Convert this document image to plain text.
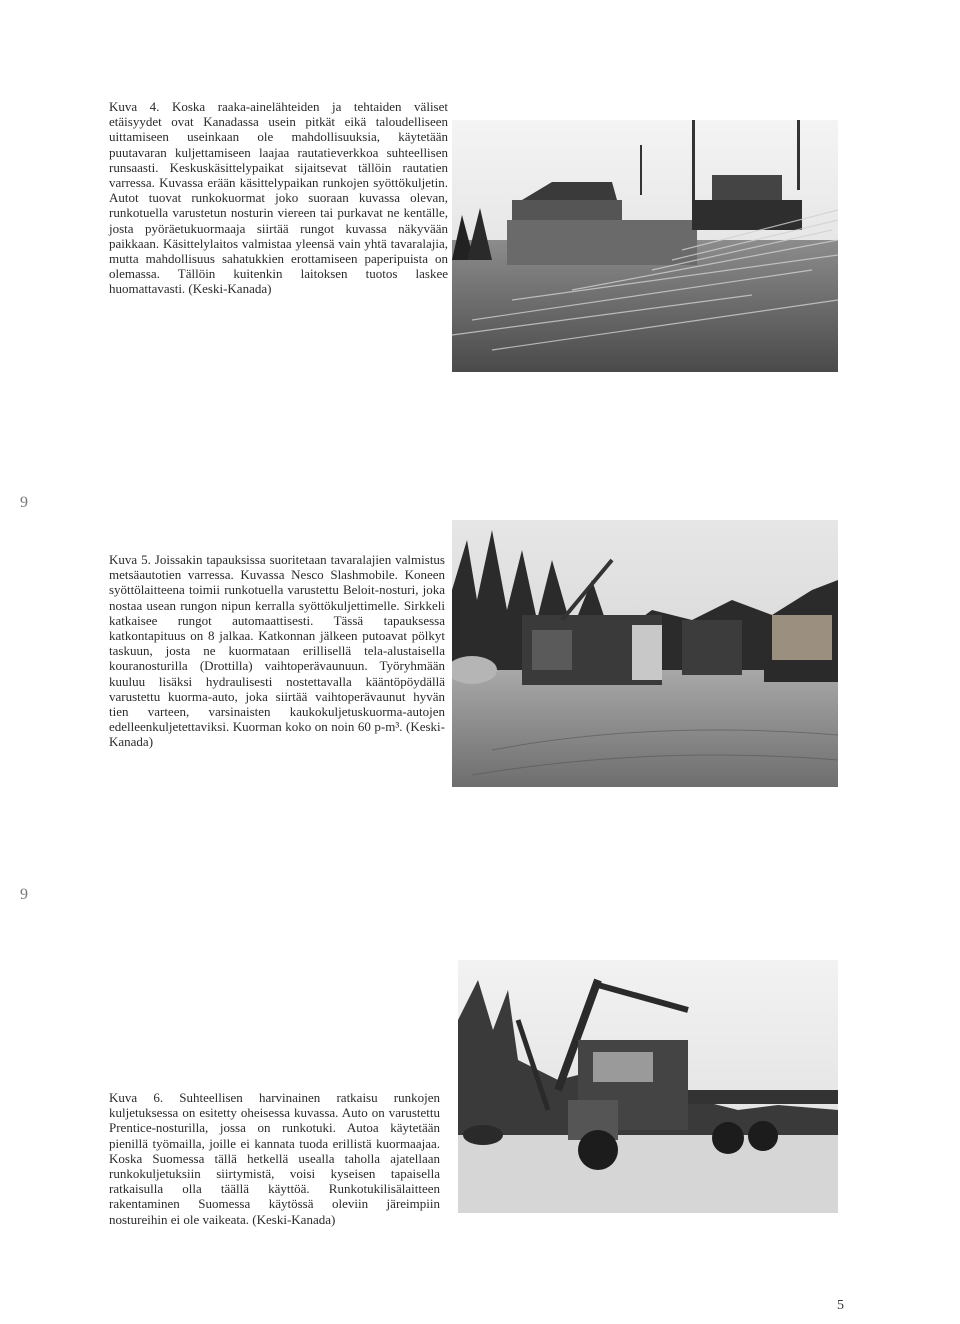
Kuva 4. Koska raaka-ainelähteiden ja tehtaiden väliset etäisyydet ovat Kanadassa usein pitkät eikä taloudelliseen uittamiseen useinkaan ole mahdollisuuksia, käytetään puutavaran kuljettamiseen laajaa rautatieverkkoa suhteellisen runsaasti. Keskuskäsittelypaikat sijaitsevat tällöin rautatien varressa. Kuvassa erään käsittelypaikan runkojen syöttökuljetin. Autot tuovat runkokuormat joko suoraan kuvassa olevan, runkotuella varustetun nosturin viereen tai purkavat ne kentälle, josta pyöräetukuormaaja siirtää rungot kuvassa näkyvään paikkaan. Käsittelylaitos valmistaa yleensä vain yhtä tavaralajia, mutta mahdollisuus sahatukkien erottamiseen paperipuista on olemassa. Tällöin kuitenkin laitoksen tuotos laskee huomattavasti. (Keski-Kanada)

9

Kuva 5. Joissakin tapauksissa suoritetaan tavaralajien valmistus metsäautotien varressa. Kuvassa Nesco Slashmobile. Koneen syöttölaitteena toimii runkotuella varustettu Beloit-nosturi, joka nostaa usean rungon nipun kerralla syöttökuljettimelle. Sirkkeli katkaisee rungot automaattisesti. Tässä tapauksessa katkontapituus on 8 jalkaa. Katkonnan jälkeen putoavat pölkyt taskuun, josta ne kuormataan erillisellä tela-alustaisella kouranosturilla (Drottilla) vaihtoperävaunuun. Työryhmään kuuluu lisäksi hydraulisesti nostettavalla kääntöpöydällä varustettu kuorma-auto, joka siirtää vaihtoperävaunut hyvän tien varteen, varsinaisten kaukokuljetuskuorma-autojen edelleenkuljetettaviksi. Kuorman koko on noin 60 p-m³. (Keski-Kanada)

9

Kuva 6. Suhteellisen harvinainen ratkaisu runkojen kuljetuksessa on esitetty oheisessa kuvassa. Auto on varustettu Prentice-nosturilla, jossa on runkotuki. Autoa käytetään pienillä työmailla, joille ei kannata tuoda erillistä kuormaajaa. Koska Suomessa tällä hetkellä usealla taholla ajatellaan runkokuljetuksiin siirtymistä, voisi kyseisen tapaisella ratkaisulla olla täällä käyttöä. Runkotukilisälaitteen rakentaminen Suomessa käytössä oleviin järeimpiin nostureihin ei ole vaikeata. (Keski-Kanada)

5
